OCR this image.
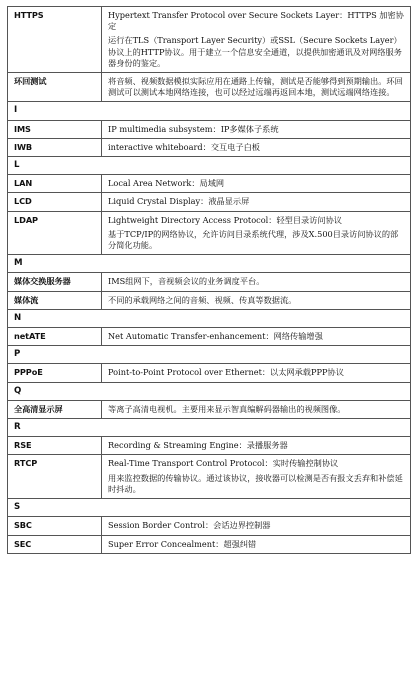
HTTPS	Hypertext Transfer Protocol over Secure Sockets Layer：HTTPS 加密协定
运行在TLS（Transport Layer Security）或SSL（Secure Sockets Layer）协议上的HTTP协议。用于建立一个信息安全通道，以提供加密通讯及对网络服务器身份的鉴定。

环回测试	将音频、视频数据模拟实际应用在通路上传输，测试是否能够得到预期输出。环回测试可以测试本地网络连接，也可以经过远端再返回本地，测试远端网络连接。

I	
IMS	IP multimedia subsystem：IP多媒体子系统

IWB	interactive whiteboard：交互电子白板

L	
LAN	Local Area Network：局域网

LCD	Liquid Crystal Display：液晶显示屏

LDAP	Lightweight Directory Access Protocol：轻型目录访问协议
基于TCP/IP的网络协议，允许访问目录系统代理，涉及X.500目录访问协议的部分简化功能。

M	
媒体交换服务器	IMS组网下，音视频会议的业务调度平台。

媒体流	不同的承载网络之间的音频、视频、传真等数据流。

N	
netATE	Net Automatic Transfer-enhancement：网络传输增强

P	
PPPoE	Point-to-Point Protocol over Ethernet：以太网承载PPP协议

Q	
全高清显示屏	等离子高清电视机。主要用来显示智真编解码器输出的视频图像。

R	
RSE	Recording & Streaming Engine：录播服务器

RTCP	Real-Time Transport Control Protocol：实时传输控制协议
用来监控数据的传输协议。通过该协议，接收器可以检测是否有报文丢弃和补偿延时抖动。

S	
SBC	Session Border Control：会话边界控制器

SEC	Super Error Concealment：超强纠错
